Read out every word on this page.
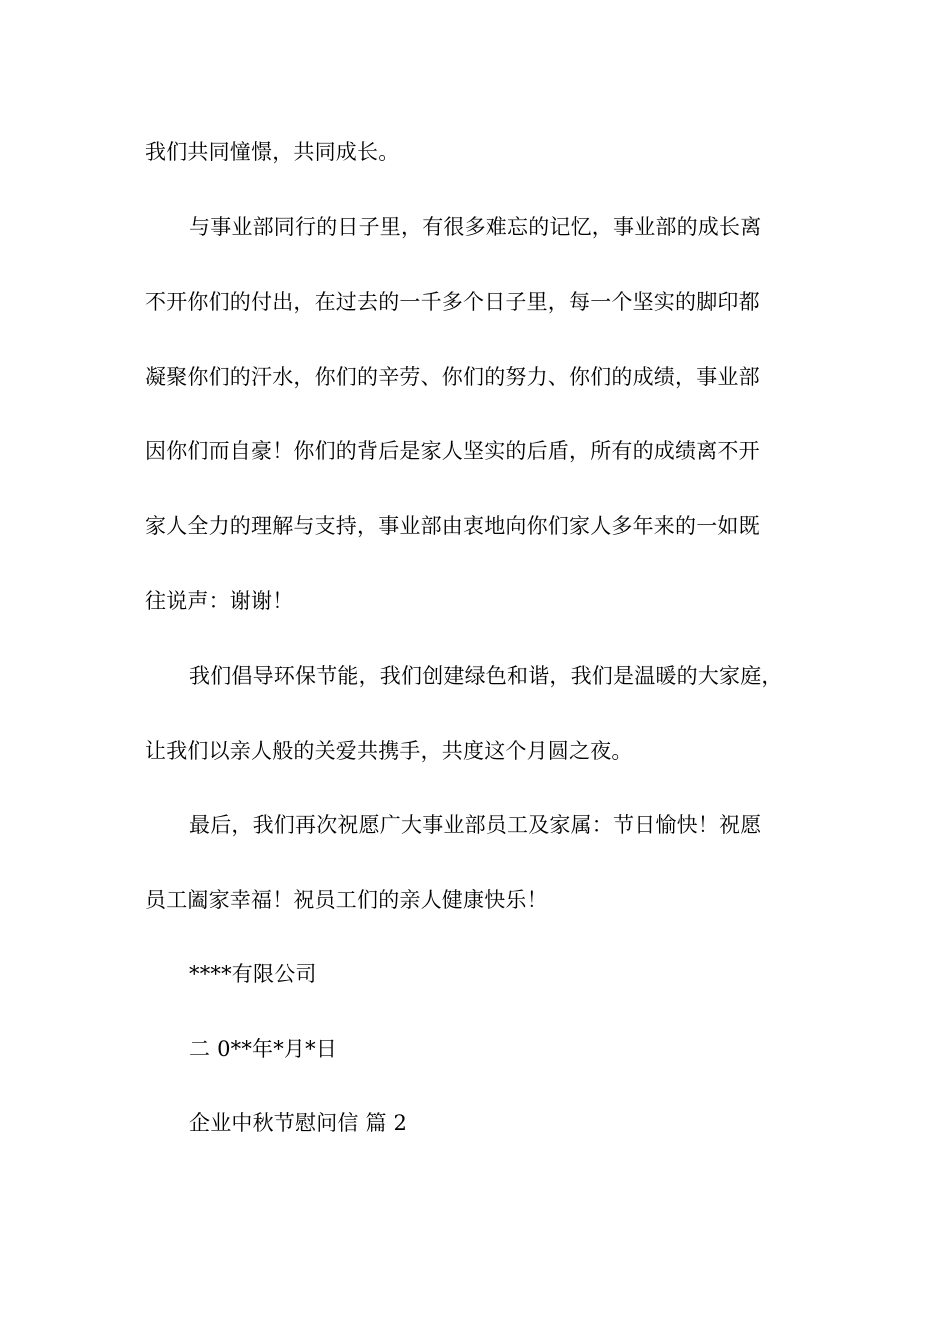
我们共同憧憬，共同成长。
与事业部同行的日子里，有很多难忘的记忆，事业部的成长离
不开你们的付出，在过去的一千多个日子里，每一个坚实的脚印都
凝聚你们的汗水，你们的辛劳、你们的努力、你们的成绩，事业部
因你们而自豪！你们的背后是家人坚实的后盾，所有的成绩离不开
家人全力的理解与支持，事业部由衷地向你们家人多年来的一如既
往说声：谢谢！
我们倡导环保节能，我们创建绿色和谐，我们是温暖的大家庭，
让我们以亲人般的关爱共携手，共度这个月圆之夜。
最后，我们再次祝愿广大事业部员工及家属：节日愉快！祝愿
员工阖家幸福！祝员工们的亲人健康快乐！
****有限公司
二 0**年*月*日
企业中秋节慰问信 篇 2
